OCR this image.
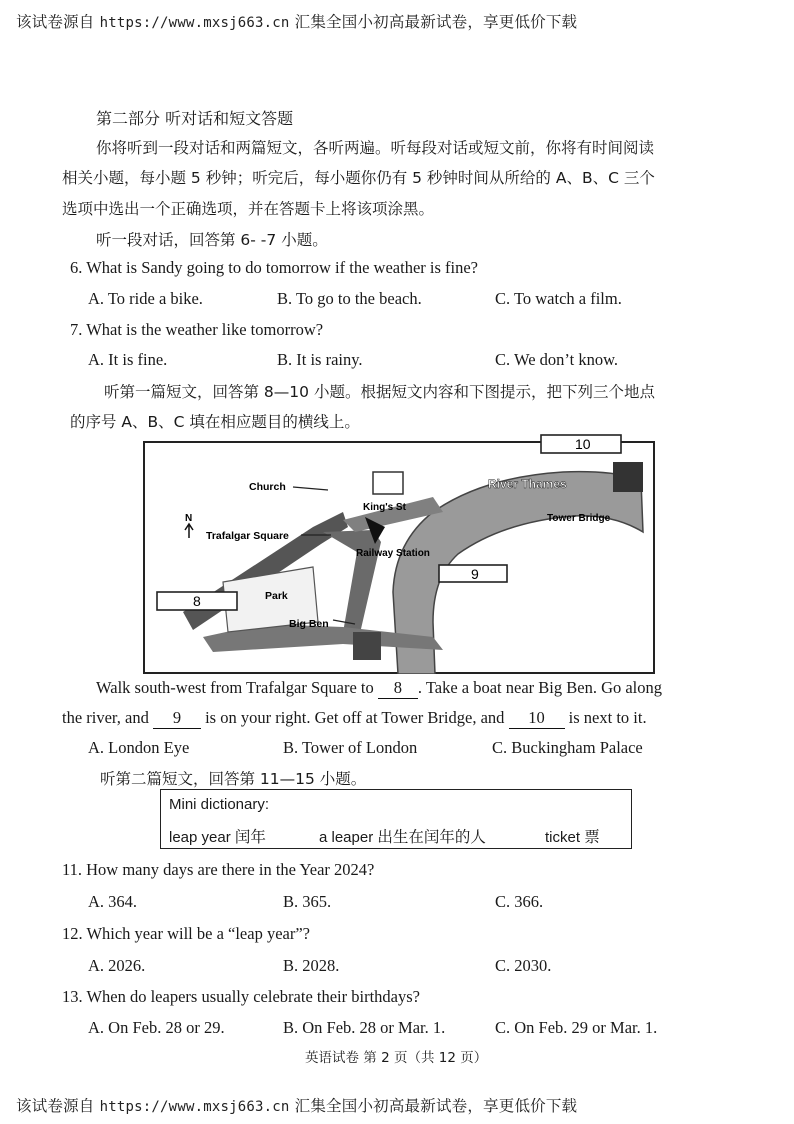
该试卷源自 https://www.mxsj663.cn 汇集全国小初高最新试卷，享更低价下载
第二部分 听对话和短文答题
你将听到一段对话和两篇短文，各听两遍。听每段对话或短文前，你将有时间阅读
相关小题，每小题 5 秒钟；听完后，每小题你仍有 5 秒钟时间从所给的 A、B、C 三个
选项中选出一个正确选项，并在答题卡上将该项涂黑。
听一段对话，回答第 6- -7 小题。
6. What is Sandy going to do tomorrow if the weather is fine?
A. To ride a bike.	B. To go to the beach.	C. To watch a film.
7. What is the weather like tomorrow?
A. It is fine.	B. It is rainy.	C. We don’t know.
听第一篇短文，回答第 8—10 小题。根据短文内容和下图提示，把下列三个地点
的序号 A、B、C 填在相应题目的横线上。
10
9
8
Church
Trafalgar Square
King's St
Railway Station
River Thames
Tower Bridge
Park
Big Ben
N
Walk south-west from Trafalgar Square to 8 . Take a boat near Big Ben. Go along
the river, and 9 is on your right. Get off at Tower Bridge, and 10 is next to it.
A. London Eye	B. Tower of London	C. Buckingham Palace
听第二篇短文，回答第 11—15 小题。
Mini dictionary:
leap year 闰年	a leaper 出生在闰年的人	ticket 票
11. How many days are there in the Year 2024?
A. 364.	B. 365.	C. 366.
12. Which year will be a “leap year”?
A. 2026.	B. 2028.	C. 2030.
13. When do leapers usually celebrate their birthdays?
A. On Feb. 28 or 29.	B. On Feb. 28 or Mar. 1.	C. On Feb. 29 or Mar. 1.
英语试卷 第 2 页（共 12 页）
该试卷源自 https://www.mxsj663.cn 汇集全国小初高最新试卷，享更低价下载
